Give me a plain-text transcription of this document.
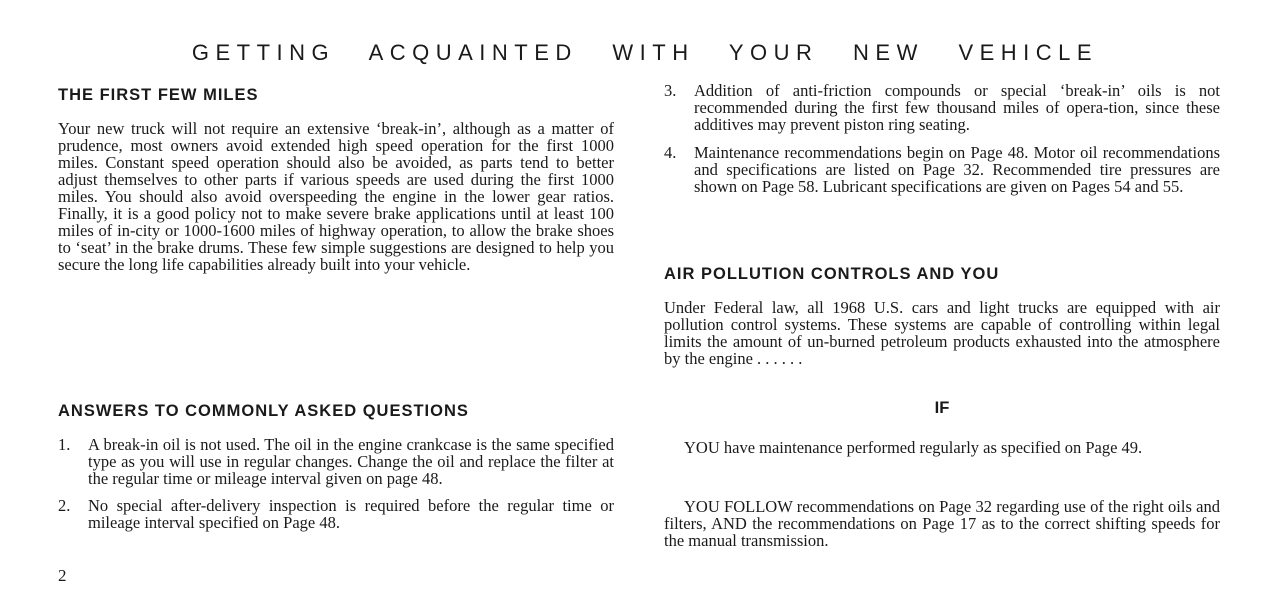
GETTING ACQUAINTED WITH YOUR NEW VEHICLE
THE FIRST FEW MILES

Your new truck will not require an extensive ‘break-in’, although as a matter of prudence, most owners avoid extended high speed operation for the first 1000 miles. Constant speed operation should also be avoided, as parts tend to better adjust themselves to other parts if various speeds are used during the first 1000 miles. You should also avoid overspeeding the engine in the lower gear ratios. Finally, it is a good policy not to make severe brake applications until at least 100 miles of in-city or 1000-1600 miles of highway operation, to allow the brake shoes to ‘seat’ in the brake drums. These few simple suggestions are designed to help you secure the long life capabilities already built into your vehicle.

ANSWERS TO COMMONLY ASKED QUESTIONS
1. A break-in oil is not used. The oil in the engine crankcase is the same specified type as you will use in regular changes. Change the oil and replace the filter at the regular time or mileage interval given on page 48.
2. No special after-delivery inspection is required before the regular time or mileage interval specified on Page 48.
3. Addition of anti-friction compounds or special ‘break-in’ oils is not recommended during the first few thousand miles of opera-tion, since these additives may prevent piston ring seating.
4. Maintenance recommendations begin on Page 48. Motor oil recommendations and specifications are listed on Page 32. Recommended tire pressures are shown on Page 58. Lubricant specifications are given on Pages 54 and 55.
AIR POLLUTION CONTROLS AND YOU

Under Federal law, all 1968 U.S. cars and light trucks are equipped with air pollution control systems. These systems are capable of controlling within legal limits the amount of un-burned petroleum products exhausted into the atmosphere by the engine . . . . . .

IF

YOU have maintenance performed regularly as specified on Page 49.

YOU FOLLOW recommendations on Page 32 regarding use of the right oils and filters, AND the recommendations on Page 17 as to the correct shifting speeds for the manual transmission.

2
